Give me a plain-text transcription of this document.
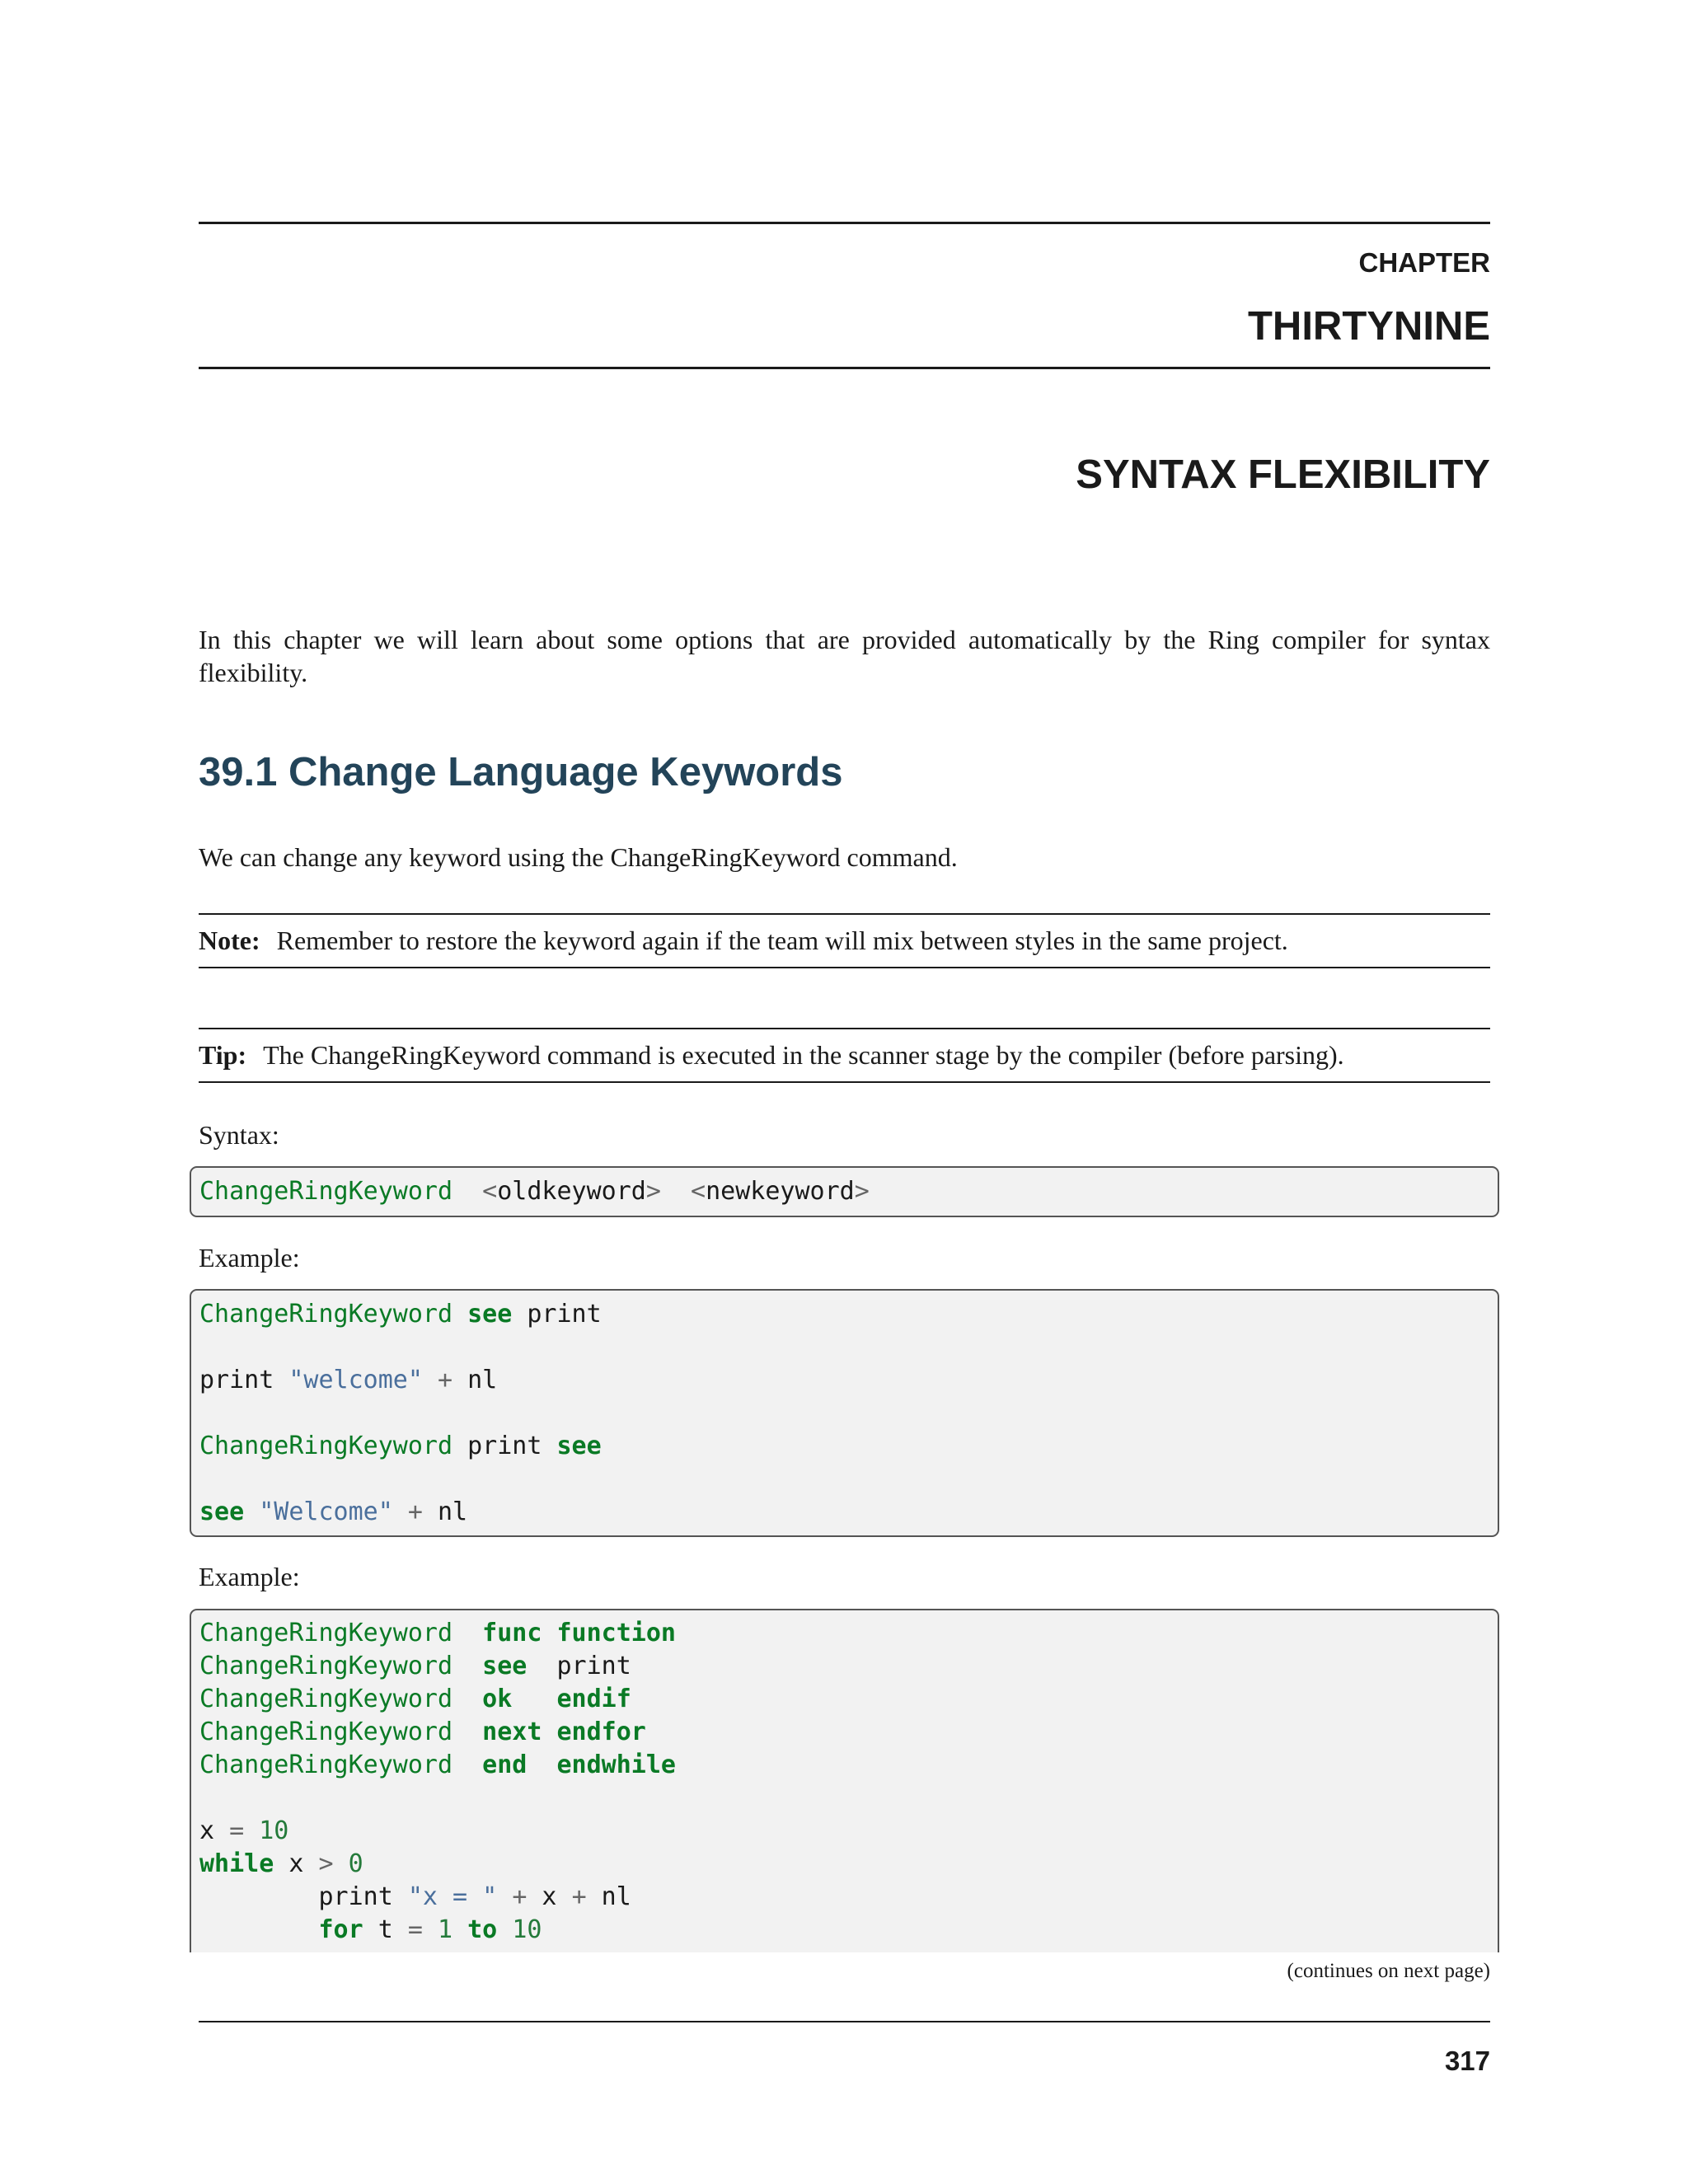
CHAPTER
THIRTYNINE
SYNTAX FLEXIBILITY
In this chapter we will learn about some options that are provided automatically by the Ring compiler for syntax flexibility.
39.1 Change Language Keywords
We can change any keyword using the ChangeRingKeyword command.
Note: Remember to restore the keyword again if the team will mix between styles in the same project.
Tip: The ChangeRingKeyword command is executed in the scanner stage by the compiler (before parsing).
Syntax:
ChangeRingKeyword <oldkeyword> <newkeyword>
Example:
ChangeRingKeyword see print

print "welcome" + nl

ChangeRingKeyword print see

see "Welcome" + nl
Example:
ChangeRingKeyword func function
ChangeRingKeyword see  print
ChangeRingKeyword ok endif
ChangeRingKeyword next endfor
ChangeRingKeyword end endwhile

x = 10
while x > 0
print "x = " + x + nl
for t = 1 to 10
(continues on next page)
317
